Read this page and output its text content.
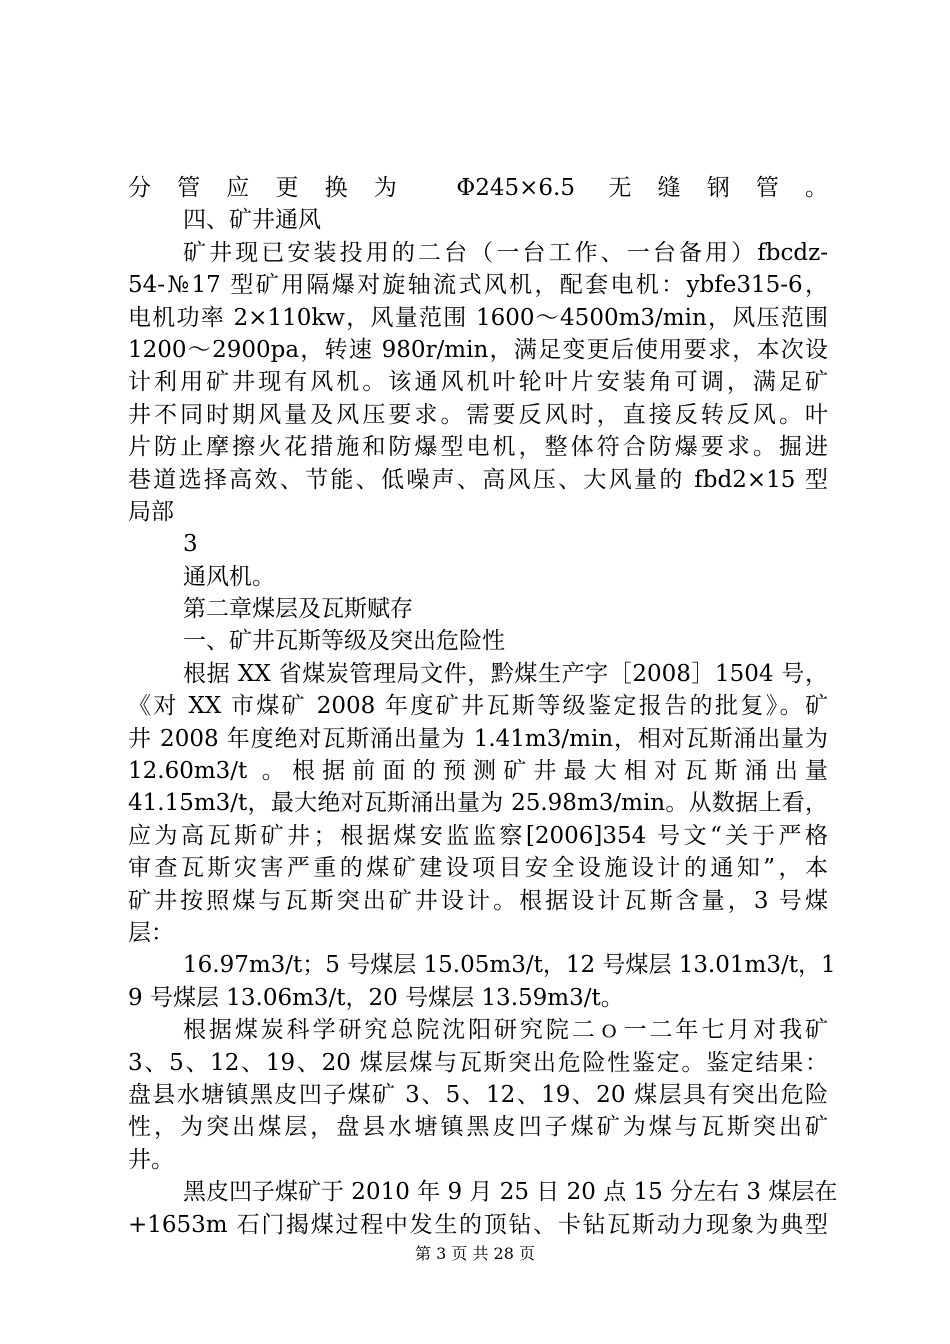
分管应更换为 Φ245×6.5 无缝钢管。
四、矿井通风
矿井现已安装投用的二台（一台工作、一台备用）fbcdz-
54-№17 型矿用隔爆对旋轴流式风机，配套电机：ybfe315-6，
电机功率 2×110kw，风量范围 1600～4500m3/min，风压范围
1200～2900pa，转速 980r/min，满足变更后使用要求，本次设
计利用矿井现有风机。该通风机叶轮叶片安装角可调，满足矿
井不同时期风量及风压要求。需要反风时，直接反转反风。叶
片防止摩擦火花措施和防爆型电机，整体符合防爆要求。掘进
巷道选择高效、节能、低噪声、高风压、大风量的 fbd2×15 型
局部
3
通风机。
第二章煤层及瓦斯赋存
一、矿井瓦斯等级及突出危险性
根据 XX 省煤炭管理局文件，黔煤生产字［2008］1504 号，
《对 XX 市煤矿 2008 年度矿井瓦斯等级鉴定报告的批复》。矿
井 2008 年度绝对瓦斯涌出量为 1.41m3/min，相对瓦斯涌出量为
12.60m3/t 。根据前面的预测矿井最大相对瓦斯涌出量
41.15m3/t，最大绝对瓦斯涌出量为 25.98m3/min。从数据上看，
应为高瓦斯矿井；根据煤安监监察[2006]354 号文“关于严格
审查瓦斯灾害严重的煤矿建设项目安全设施设计的通知”，本
矿井按照煤与瓦斯突出矿井设计。根据设计瓦斯含量，3 号煤
层：
16.97m3/t；5 号煤层 15.05m3/t，12 号煤层 13.01m3/t，1
9 号煤层 13.06m3/t，20 号煤层 13.59m3/t。
根据煤炭科学研究总院沈阳研究院二ｏ一二年七月对我矿
3、5、12、19、20 煤层煤与瓦斯突出危险性鉴定。鉴定结果：
盘县水塘镇黑皮凹子煤矿 3、5、12、19、20 煤层具有突出危险
性，为突出煤层，盘县水塘镇黑皮凹子煤矿为煤与瓦斯突出矿
井。
黑皮凹子煤矿于 2010 年 9 月 25 日 20 点 15 分左右 3 煤层在
+1653m 石门揭煤过程中发生的顶钻、卡钻瓦斯动力现象为典型
第 3 页 共 28 页
